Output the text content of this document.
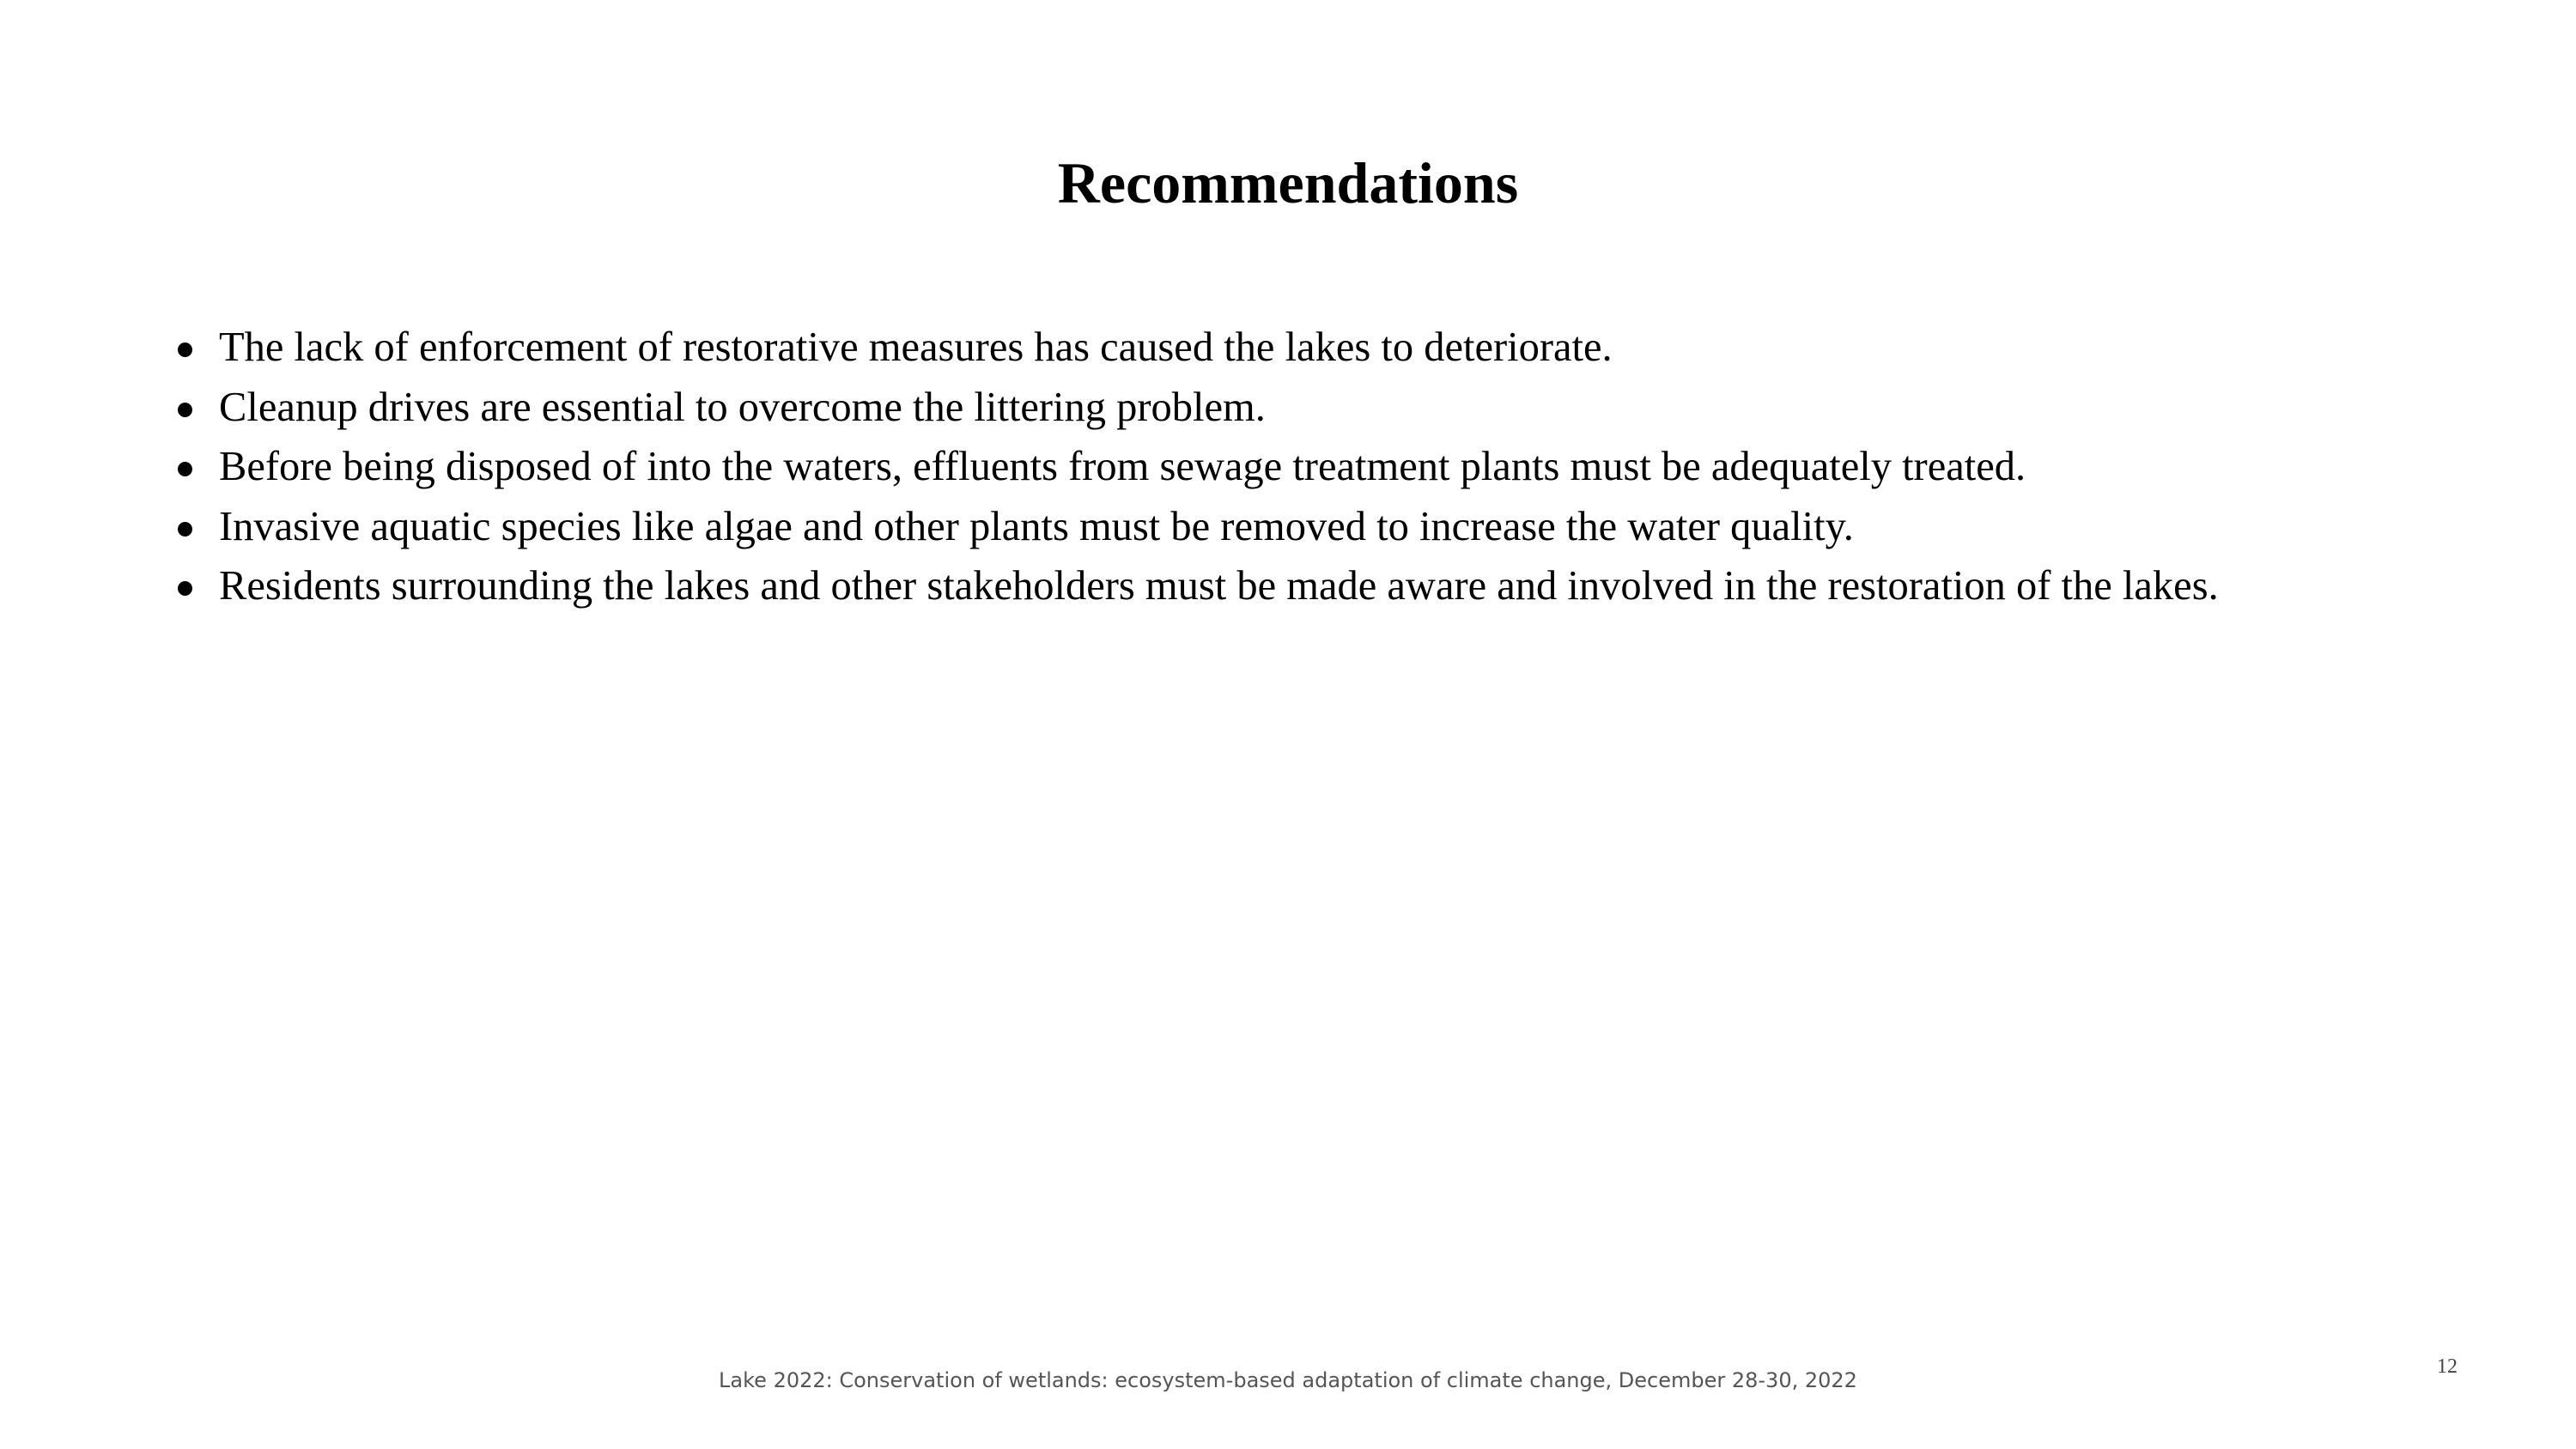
Recommendations
The lack of enforcement of restorative measures has caused the lakes to deteriorate.
Cleanup drives are essential to overcome the littering problem.
Before being disposed of into the waters, effluents from sewage treatment plants must be adequately treated.
Invasive aquatic species like algae and other plants must be removed to increase the water quality.
Residents surrounding the lakes and other stakeholders must be made aware and involved in the restoration of the lakes.
Lake 2022: Conservation of wetlands: ecosystem-based adaptation of climate change, December 28-30, 2022
12
